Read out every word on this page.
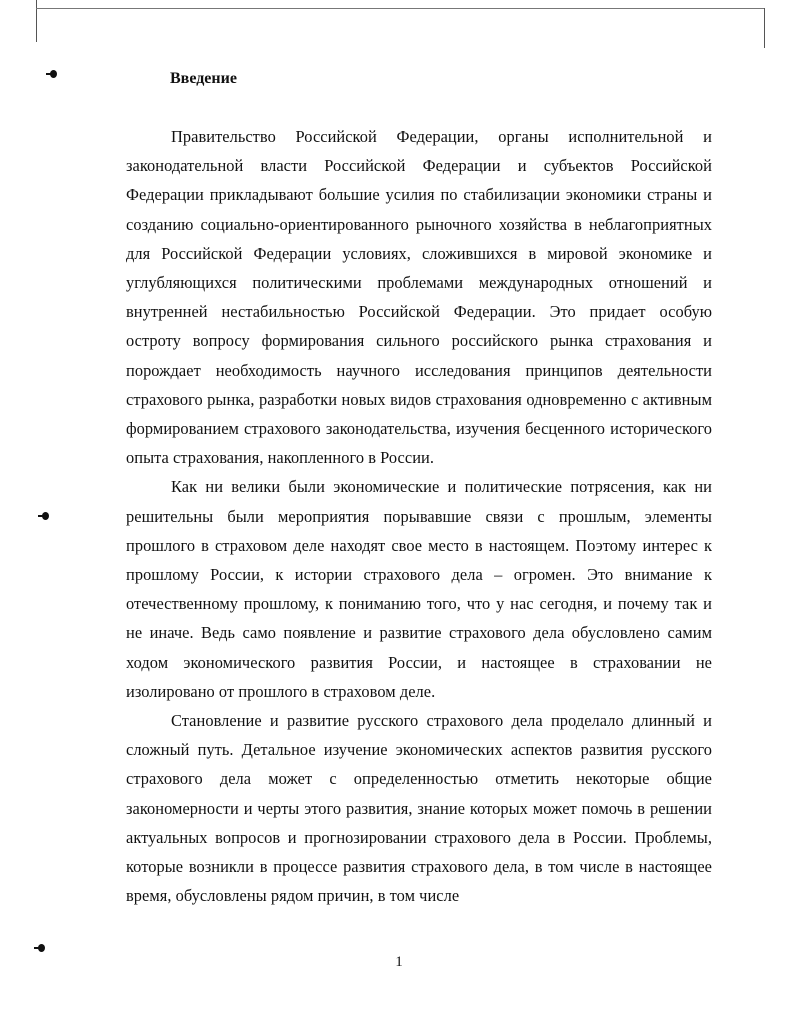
Введение

Правительство Российской Федерации, органы исполнительной и законодательной власти Российской Федерации и субъектов Российской Федерации прикладывают большие усилия по стабилизации экономики страны и созданию социально-ориентированного рыночного хозяйства в неблагоприятных для Российской Федерации условиях, сложившихся в мировой экономике и углубляющихся политическими проблемами международных отношений и внутренней нестабильностью Российской Федерации. Это придает особую остроту вопросу формирования сильного российского рынка страхования и порождает необходимость научного исследования принципов деятельности страхового рынка, разработки новых видов страхования одновременно с активным формированием страхового законодательства, изучения бесценного исторического опыта страхования, накопленного в России.

Как ни велики были экономические и политические потрясения, как ни решительны были мероприятия порывавшие связи с прошлым, элементы прошлого в страховом деле находят свое место в настоящем. Поэтому интерес к прошлому России, к истории страхового дела – огромен. Это внимание к отечественному прошлому, к пониманию того, что у нас сегодня, и почему так и не иначе. Ведь само появление и развитие страхового дела обусловлено самим ходом экономического развития России, и настоящее в страховании не изолировано от прошлого в страховом деле.

Становление и развитие русского страхового дела проделало длинный и сложный путь. Детальное изучение экономических аспектов развития русского страхового дела может с определенностью отметить некоторые общие закономерности и черты этого развития, знание которых может помочь в решении актуальных вопросов и прогнозировании страхового дела в России. Проблемы, которые возникли в процессе развития страхового дела, в том числе в настоящее время, обусловлены рядом причин, в том числе

1
